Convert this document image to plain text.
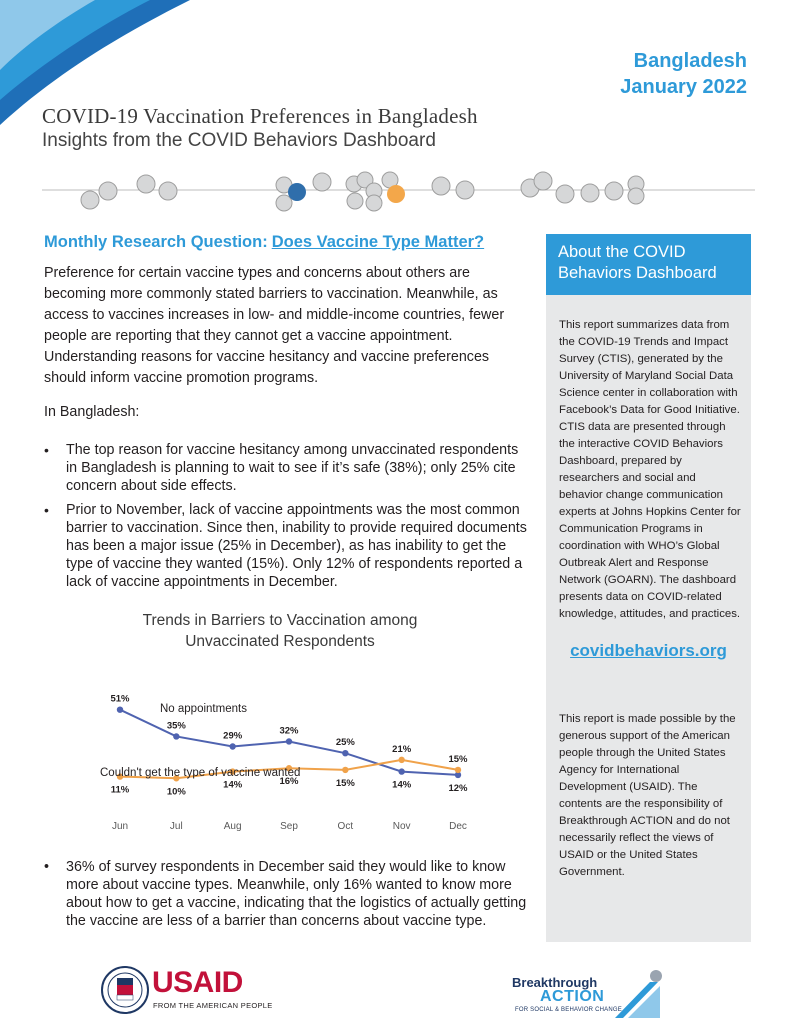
Bangladesh
January 2022
COVID-19 Vaccination Preferences in Bangladesh
Insights from the COVID Behaviors Dashboard
Monthly Research Question: Does Vaccine Type Matter?
Preference for certain vaccine types and concerns about others are becoming more commonly stated barriers to vaccination. Meanwhile, as access to vaccines increases in low- and middle-income countries, fewer people are reporting that they cannot get a vaccine appointment. Understanding reasons for vaccine hesitancy and vaccine preferences should inform vaccine promotion programs.
In Bangladesh:
• The top reason for vaccine hesitancy among unvaccinated respondents in Bangladesh is planning to wait to see if it’s safe (38%); only 25% cite concern about side effects.
• Prior to November, lack of vaccine appointments was the most common barrier to vaccination. Since then, inability to provide required documents has been a major issue (25% in December), as has inability to get the type of vaccine they wanted (15%). Only 12% of respondents reported a lack of vaccine appointments in December.
Trends in Barriers to Vaccination among Unvaccinated Respondents
51%
35%
29%	32%
25%
14%	12%
11%	10%
14%	16%	15%
21%
15%
No appointments
Couldn't get the type of vaccine wanted
Jun	Jul	Aug	Sep	Oct	Nov	Dec
• 36% of survey respondents in December said they would like to know more about vaccine types. Meanwhile, only 16% wanted to know more about how to get a vaccine, indicating that the logistics of actually getting the vaccine are less of a barrier than concerns about vaccine type.
About the COVID Behaviors Dashboard
This report summarizes data from the COVID-19 Trends and Impact Survey (CTIS), generated by the University of Maryland Social Data Science center in collaboration with Facebook’s Data for Good Initiative. CTIS data are presented through the interactive COVID Behaviors Dashboard, prepared by researchers and social and behavior change communication experts at Johns Hopkins Center for Communication Programs in coordination with WHO’s Global Outbreak Alert and Response Network (GOARN). The dashboard presents data on COVID-related knowledge, attitudes, and practices.
covidbehaviors.org
This report is made possible by the generous support of the American people through the United States Agency for International Development (USAID). The contents are the responsibility of Breakthrough ACTION and do not necessarily reflect the views of USAID or the United States Government.
USAID
FROM THE AMERICAN PEOPLE
Breakthrough
ACTION
FOR SOCIAL & BEHAVIOR CHANGE
